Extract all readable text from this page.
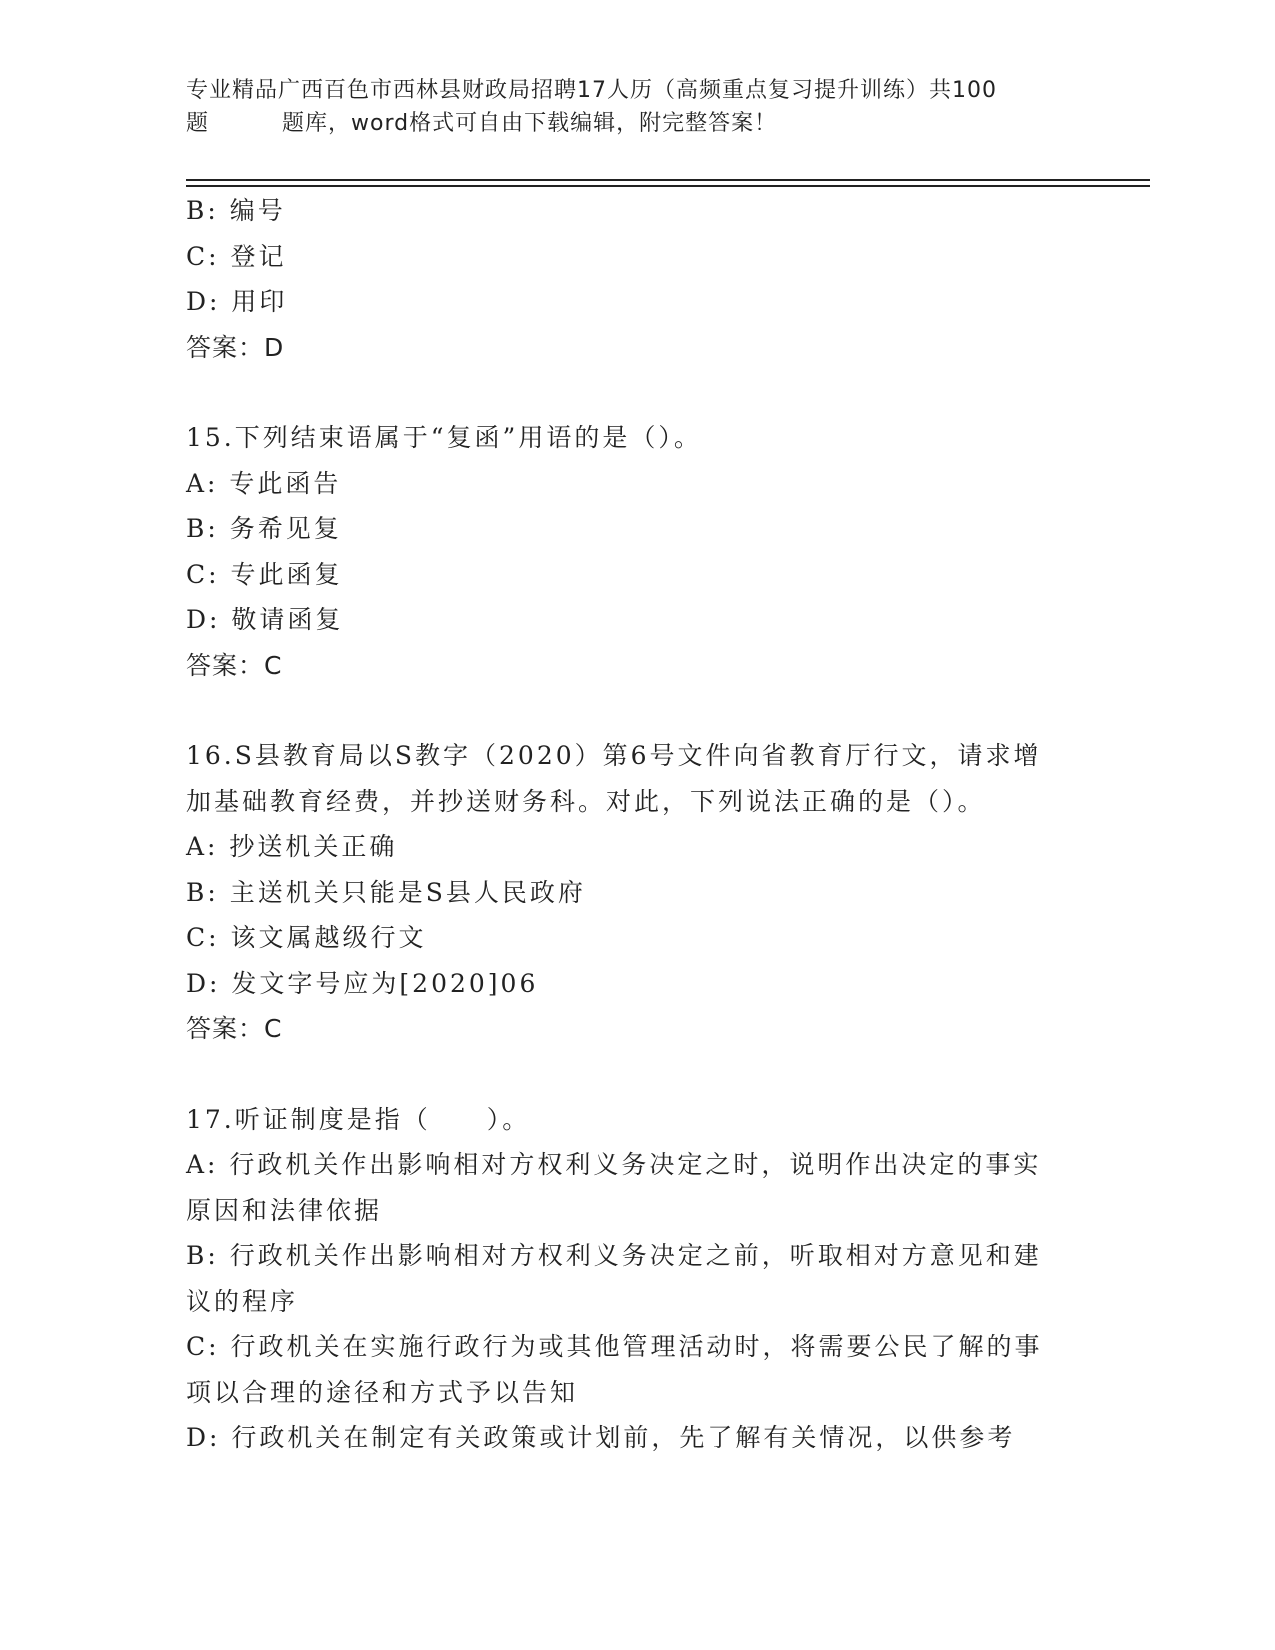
专业精品广西百色市西林县财政局招聘17人历（高频重点复习提升训练）共100
题	题库，word格式可自由下载编辑，附完整答案！
B: 编号
C: 登记
D: 用印
答案：D
15.下列结束语属于“复函”用语的是（）。
A: 专此函告
B: 务希见复
C: 专此函复
D: 敬请函复
答案：C
16.S县教育局以S教字（2020）第6号文件向省教育厅行文，请求增
加基础教育经费，并抄送财务科。对此，下列说法正确的是（）。
A: 抄送机关正确
B: 主送机关只能是S县人民政府
C: 该文属越级行文
D: 发文字号应为[2020]06
答案：C
17.听证制度是指（　　）。
A: 行政机关作出影响相对方权利义务决定之时，说明作出决定的事实
原因和法律依据
B: 行政机关作出影响相对方权利义务决定之前，听取相对方意见和建
议的程序
C: 行政机关在实施行政行为或其他管理活动时，将需要公民了解的事
项以合理的途径和方式予以告知
D: 行政机关在制定有关政策或计划前，先了解有关情况，以供参考
